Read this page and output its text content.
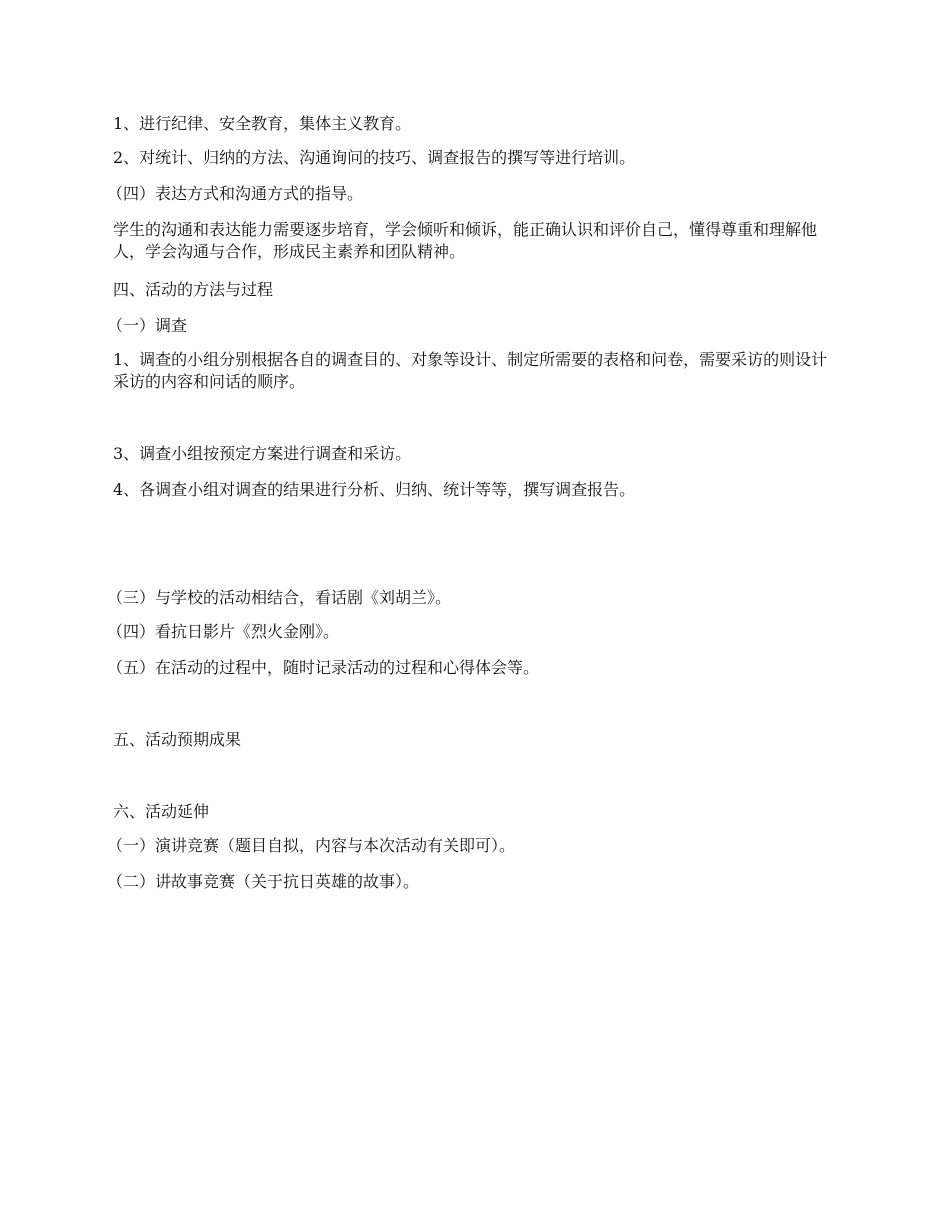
1、进行纪律、安全教育，集体主义教育。

2、对统计、归纳的方法、沟通询问的技巧、调查报告的撰写等进行培训。

（四）表达方式和沟通方式的指导。

学生的沟通和表达能力需要逐步培育，学会倾听和倾诉，能正确认识和评价自己，懂得尊重和理解他人，学会沟通与合作，形成民主素养和团队精神。

四、活动的方法与过程

（一）调查

1、调查的小组分别根据各自的调查目的、对象等设计、制定所需要的表格和问卷，需要采访的则设计采访的内容和问话的顺序。

3、调查小组按预定方案进行调查和采访。

4、各调查小组对调查的结果进行分析、归纳、统计等等，撰写调查报告。

（三）与学校的活动相结合，看话剧《刘胡兰》。

（四）看抗日影片《烈火金刚》。

（五）在活动的过程中，随时记录活动的过程和心得体会等。

五、活动预期成果

六、活动延伸

（一）演讲竞赛（题目自拟，内容与本次活动有关即可）。

（二）讲故事竞赛（关于抗日英雄的故事）。
